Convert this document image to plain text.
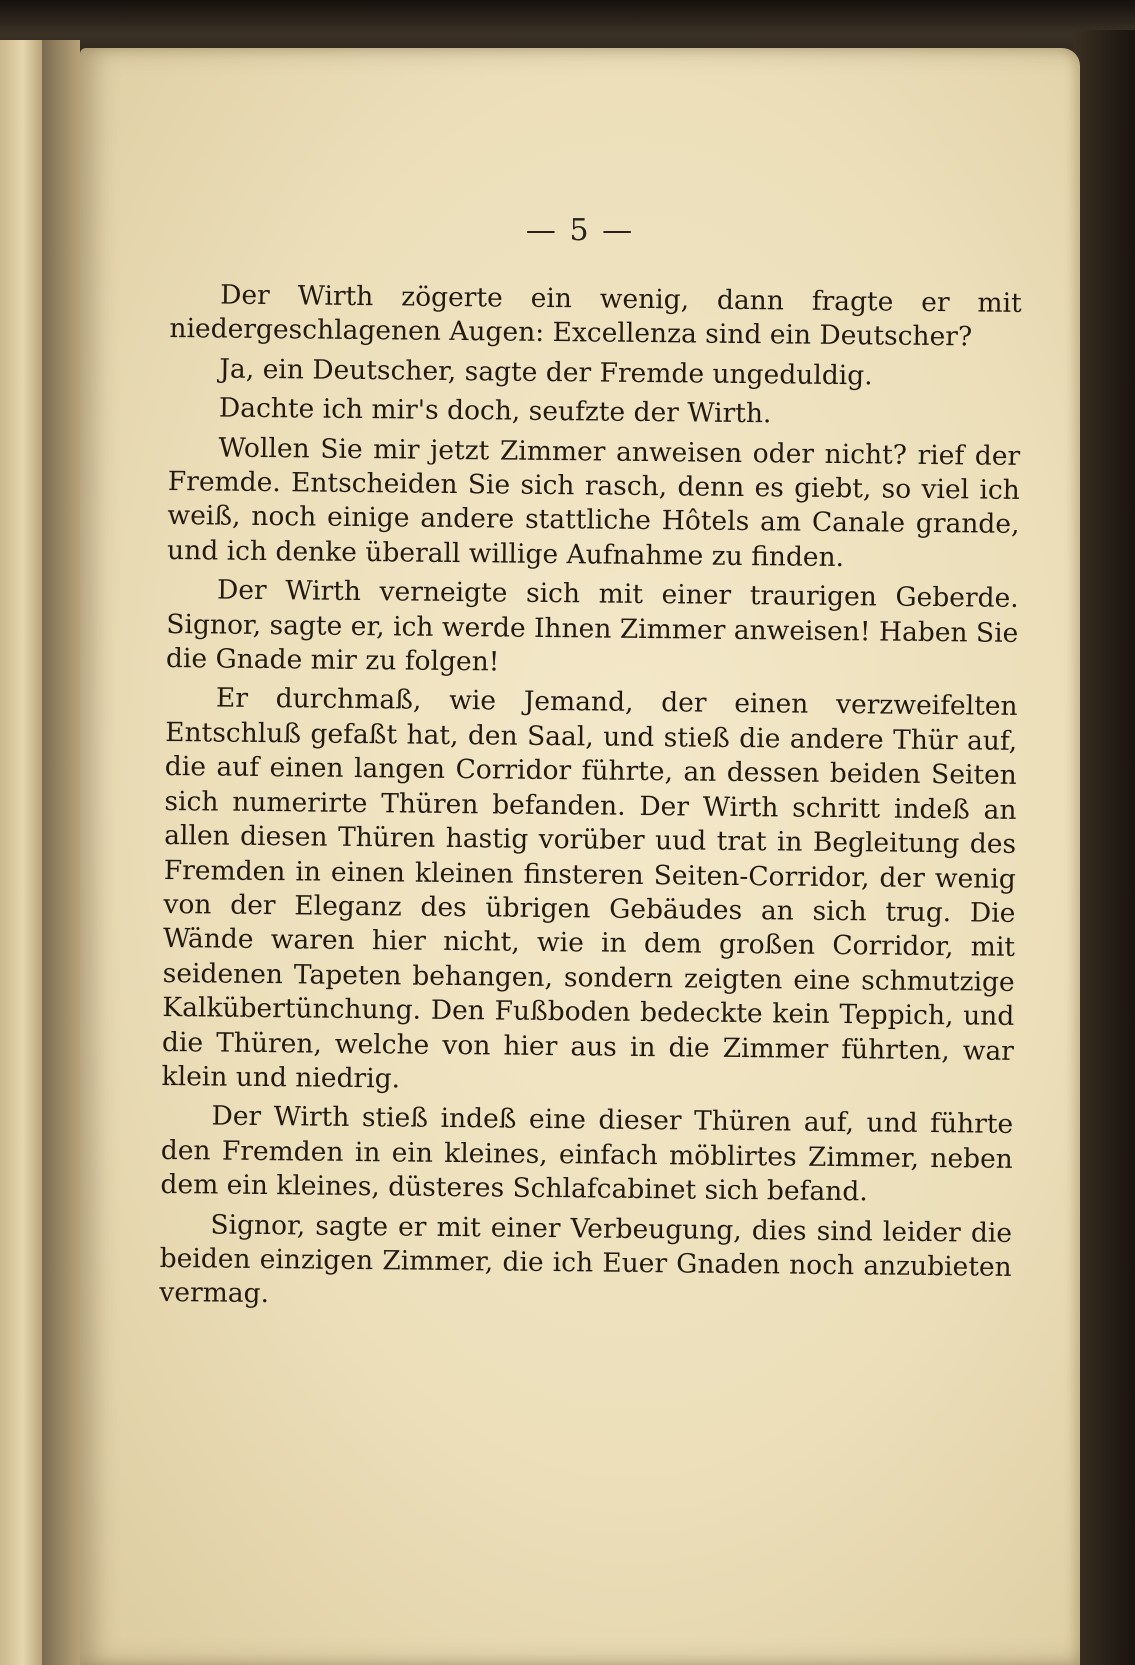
— 5 —

Der Wirth zögerte ein wenig, dann fragte er mit niedergeschlagenen Augen: Excellenza sind ein Deutscher?

Ja, ein Deutscher, sagte der Fremde ungeduldig.

Dachte ich mir's doch, seufzte der Wirth.

Wollen Sie mir jetzt Zimmer anweisen oder nicht? rief der Fremde. Entscheiden Sie sich rasch, denn es giebt, so viel ich weiß, noch einige andere stattliche Hôtels am Canale grande, und ich denke überall willige Aufnahme zu finden.

Der Wirth verneigte sich mit einer traurigen Geberde. Signor, sagte er, ich werde Ihnen Zimmer anweisen! Haben Sie die Gnade mir zu folgen!

Er durchmaß, wie Jemand, der einen verzweifelten Entschluß gefaßt hat, den Saal, und stieß die andere Thür auf, die auf einen langen Corridor führte, an dessen beiden Seiten sich numerirte Thüren befanden. Der Wirth schritt indeß an allen diesen Thüren hastig vorüber uud trat in Begleitung des Fremden in einen kleinen finsteren Seiten-Corridor, der wenig von der Eleganz des übrigen Gebäudes an sich trug. Die Wände waren hier nicht, wie in dem großen Corridor, mit seidenen Tapeten behangen, sondern zeigten eine schmutzige Kalkübertünchung. Den Fußboden bedeckte kein Teppich, und die Thüren, welche von hier aus in die Zimmer führten, war klein und niedrig.

Der Wirth stieß indeß eine dieser Thüren auf, und führte den Fremden in ein kleines, einfach möblirtes Zimmer, neben dem ein kleines, düsteres Schlafcabinet sich befand.

Signor, sagte er mit einer Verbeugung, dies sind leider die beiden einzigen Zimmer, die ich Euer Gnaden noch anzubieten vermag.
